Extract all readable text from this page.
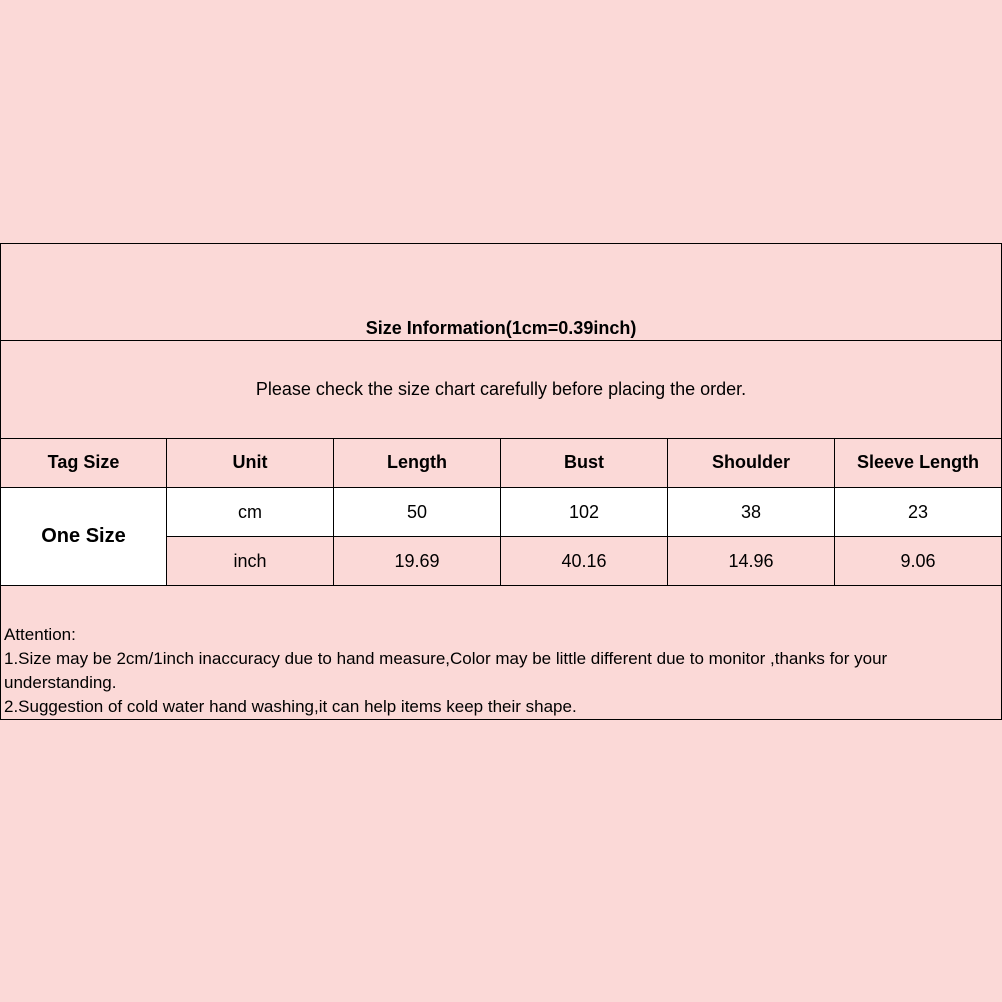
Size Information(1cm=0.39inch)					

Please check the size chart carefully before placing the order.					
Tag Size	Unit	Length	Bust	Shoulder	Sleeve Length
One Size	cm	50	102	38	23
	inch	19.69	40.16	14.96	9.06

Attention:
1.Size may be 2cm/1inch inaccuracy due to hand measure,Color may be little different due to monitor ,thanks for your understanding.
2.Suggestion of cold water hand washing,it can help items keep their shape.					
